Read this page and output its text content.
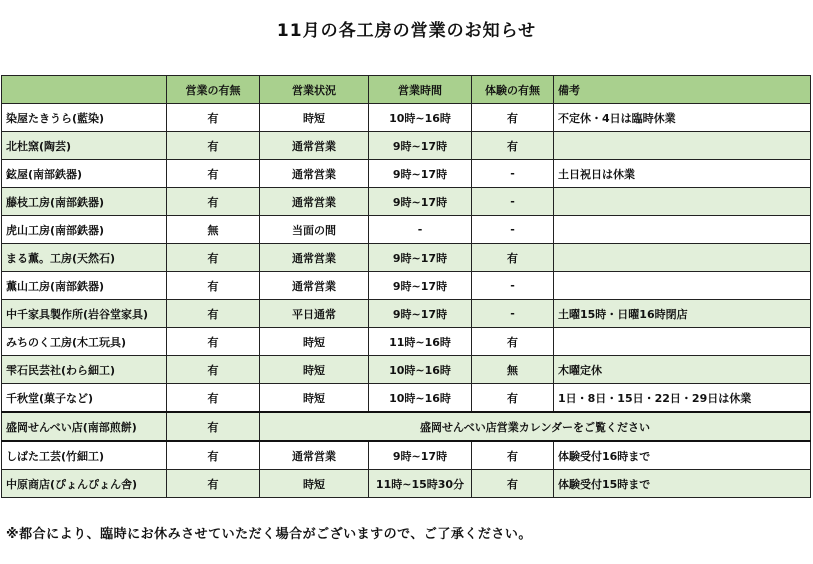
11月の各工房の営業のお知らせ
	営業の有無	営業状況	営業時間	体験の有無	備考
染屋たきうら(藍染)	有	時短	10時~16時	有	不定休・4日は臨時休業
北杜窯(陶芸)	有	通常営業	9時~17時	有	
鉉屋(南部鉄器)	有	通常営業	9時~17時	-	土日祝日は休業
藤枝工房(南部鉄器)	有	通常営業	9時~17時	-	
虎山工房(南部鉄器)	無	当面の間	-	-	
まる薫。工房(天然石)	有	通常営業	9時~17時	有	
薫山工房(南部鉄器)	有	通常営業	9時~17時	-	
中千家具製作所(岩谷堂家具)	有	平日通常	9時~17時	-	土曜15時・日曜16時閉店
みちのく工房(木工玩具)	有	時短	11時~16時	有	
雫石民芸社(わら細工)	有	時短	10時~16時	無	木曜定休
千秋堂(菓子など)	有	時短	10時~16時	有	1日・8日・15日・22日・29日は休業
盛岡せんべい店(南部煎餅)	有	盛岡せんべい店営業カレンダーをご覧ください			
しばた工芸(竹細工)	有	通常営業	9時~17時	有	体験受付16時まで
中原商店(ぴょんぴょん舎)	有	時短	11時~15時30分	有	体験受付15時まで
※都合により、臨時にお休みさせていただく場合がございますので、ご了承ください。
